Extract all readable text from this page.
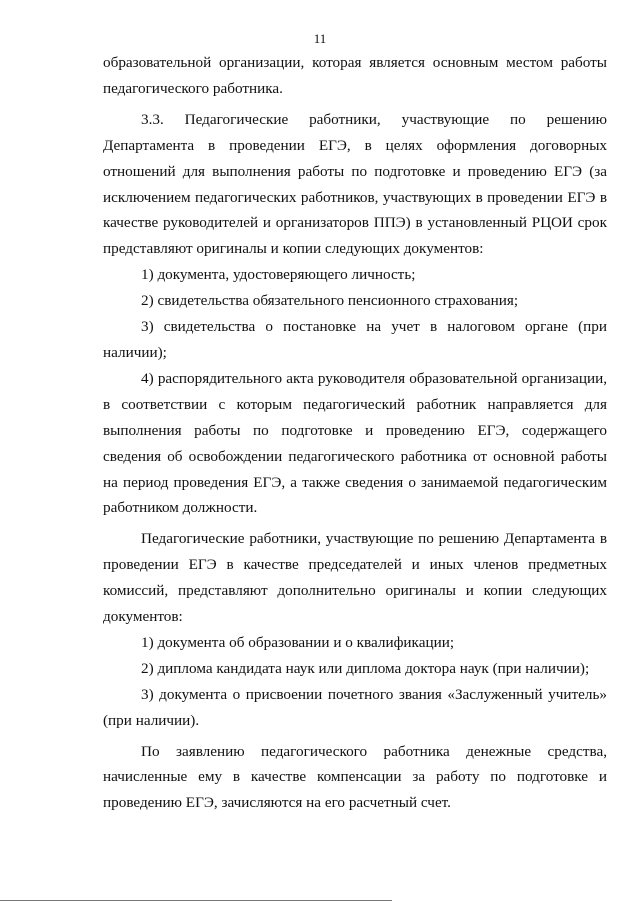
11

образовательной организации, которая является основным местом работы педагогического работника.

3.3. Педагогические работники, участвующие по решению Департамента в проведении ЕГЭ, в целях оформления договорных отношений для выполнения работы по подготовке и проведению ЕГЭ (за исключением педагогических работников, участвующих в проведении ЕГЭ в качестве руководителей и организаторов ППЭ) в установленный РЦОИ срок представляют оригиналы и копии следующих документов:

1) документа, удостоверяющего личность;

2) свидетельства обязательного пенсионного страхования;

3) свидетельства о постановке на учет в налоговом органе (при наличии);

4) распорядительного акта руководителя образовательной организации, в соответствии с которым педагогический работник направляется для выполнения работы по подготовке и проведению ЕГЭ, содержащего сведения об освобождении педагогического работника от основной работы на период проведения ЕГЭ, а также сведения о занимаемой педагогическим работником должности.

Педагогические работники, участвующие по решению Департамента в проведении ЕГЭ в качестве председателей и иных членов предметных комиссий, представляют дополнительно оригиналы и копии следующих документов:

1) документа об образовании и о квалификации;

2) диплома кандидата наук или диплома доктора наук (при наличии);

3) документа о присвоении почетного звания «Заслуженный учитель» (при наличии).

По заявлению педагогического работника денежные средства, начисленные ему в качестве компенсации за работу по подготовке и проведению ЕГЭ, зачисляются на его расчетный счет.
